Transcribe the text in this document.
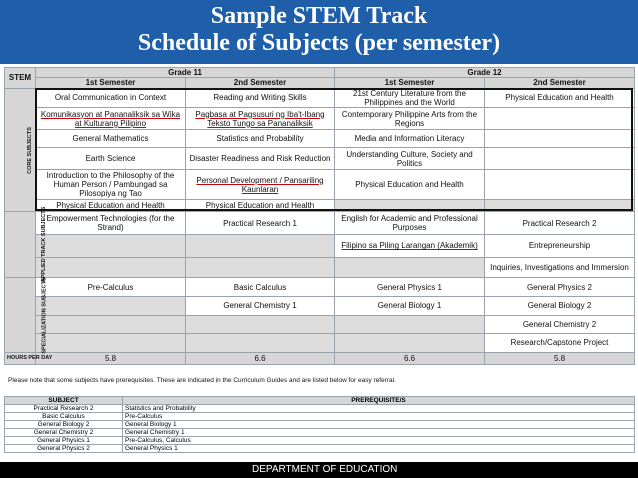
Sample STEM Track
Schedule of Subjects (per semester)
STEM	Grade 11		Grade 12	
	1st Semester	2nd Semester	1st Semester	2nd Semester
CORE SUBJECTS	Oral Communication in Context	Reading and Writing Skills	21st Century Literature from the Philippines and the World	Physical Education and Health
	Komunikasyon at Pananaliksik sa Wika at Kulturang Pilipino	Pagbasa at Pagsusuri ng Iba't-Ibang Teksto Tungo sa Pananaliksik	Contemporary Philippine Arts from the Regions	
	General Mathematics	Statistics and Probability	Media and Information Literacy	
	Earth Science	Disaster Readiness and Risk Reduction	Understanding Culture, Society and Politics	
	Introduction to the Philosophy of the Human Person / Pambungad sa Pilosopiya ng Tao	Personal Development / Pansariling Kaunlaran	Physical Education and Health	
	Physical Education and Health	Physical Education and Health		
APPLIED TRACK SUBJECTS	Empowerment Technologies (for the Strand)	Practical Research 1	English for Academic and Professional Purposes	Practical Research 2
			Filipino sa Piling Larangan (Akademik)	Entrepreneurship
				Inquiries, Investigations and Immersion
SPECIALIZATION SUBJECTS	Pre-Calculus	Basic Calculus	General Physics 1	General Physics 2
		General Chemistry 1	General Biology 1	General Biology 2
				General Chemistry 2
				Research/Capstone Project
HOURS PER DAY	5.8	6.6	6.6	5.8
Please note that some subjects have prerequisites. These are indicated in the Curriculum Guides and are listed below for easy referral.
SUBJECT	PREREQUISITE/S
Practical Research 2	Statistics and Probability
Basic Calculus	Pre-Calculus
General Biology 2	General Biology 1
General Chemistry 2	General Chemistry 1
General Physics 1	Pre-Calculus, Calculus
General Physics 2	General Physics 1
DEPARTMENT OF EDUCATION
